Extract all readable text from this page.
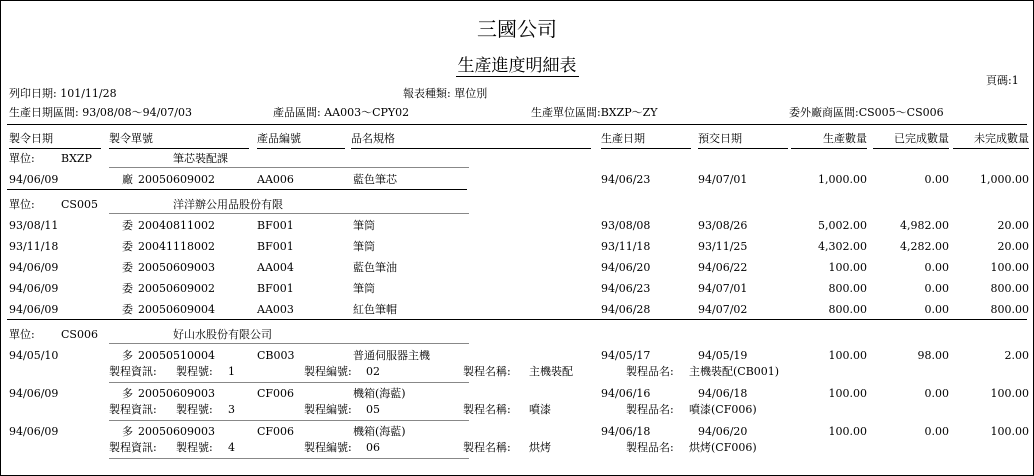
三國公司
生產進度明細表
頁碼:1
列印日期: 101/11/28	報表種類: 單位別
生產日期區間: 93/08/08～94/07/03	產品區間: AA003～CPY02	生產單位區間:BXZP～ZY	委外廠商區間:CS005～CS006
製令日期	製令單號	產品編號	品名規格	生產日期	預交日期	生產數量	已完成數量	未完成數量
單位: BXZP	筆芯裝配課
94/06/09	廠 20050609002	AA006	藍色筆芯	94/06/23	94/07/01	1,000.00	0.00	1,000.00
單位: CS005	洋洋辦公用品股份有限
93/08/11	委 20040811002	BF001	筆筒	93/08/08	93/08/26	5,002.00	4,982.00	20.00
93/11/18	委 20041118002	BF001	筆筒	93/11/18	93/11/25	4,302.00	4,282.00	20.00
94/06/09	委 20050609003	AA004	藍色筆油	94/06/20	94/06/22	100.00	0.00	100.00
94/06/09	委 20050609002	BF001	筆筒	94/06/23	94/07/01	800.00	0.00	800.00
94/06/09	委 20050609004	AA003	紅色筆帽	94/06/28	94/07/02	800.00	0.00	800.00
單位: CS006	好山水股份有限公司
94/05/10	多 20050510004	CB003	普通伺服器主機	94/05/17	94/05/19	100.00	98.00	2.00
製程資訊: 製程號: 1	製程編號: 02	製程名稱: 主機裝配	製程品名: 主機裝配(CB001)
94/06/09	多 20050609003	CF006	機箱(海藍)	94/06/16	94/06/18	100.00	0.00	100.00
製程資訊: 製程號: 3	製程編號: 05	製程名稱: 噴漆	製程品名: 噴漆(CF006)
94/06/09	多 20050609003	CF006	機箱(海藍)	94/06/18	94/06/20	100.00	0.00	100.00
製程資訊: 製程號: 4	製程編號: 06	製程名稱: 烘烤	製程品名: 烘烤(CF006)
